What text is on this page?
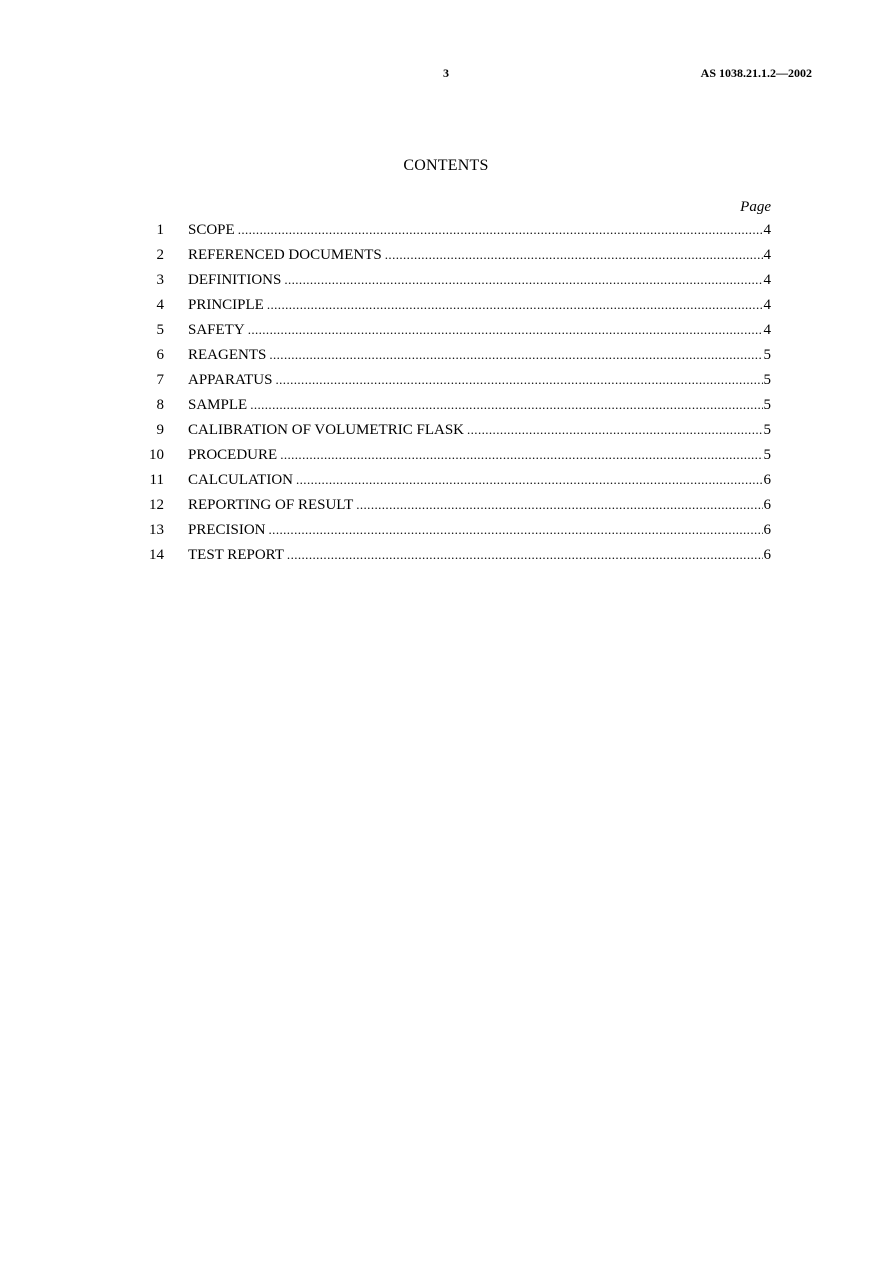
3	AS 1038.21.1.2—2002
CONTENTS
Page
1 SCOPE .....	4
2 REFERENCED DOCUMENTS .....	4
3 DEFINITIONS .....	4
4 PRINCIPLE .....	4
5 SAFETY .....	4
6 REAGENTS .....	5
7 APPARATUS .....	5
8 SAMPLE .....	5
9 CALIBRATION OF VOLUMETRIC FLASK .....	5
10 PROCEDURE .....	5
11 CALCULATION .....	6
12 REPORTING OF RESULT .....	6
13 PRECISION .....	6
14 TEST REPORT .....	6
